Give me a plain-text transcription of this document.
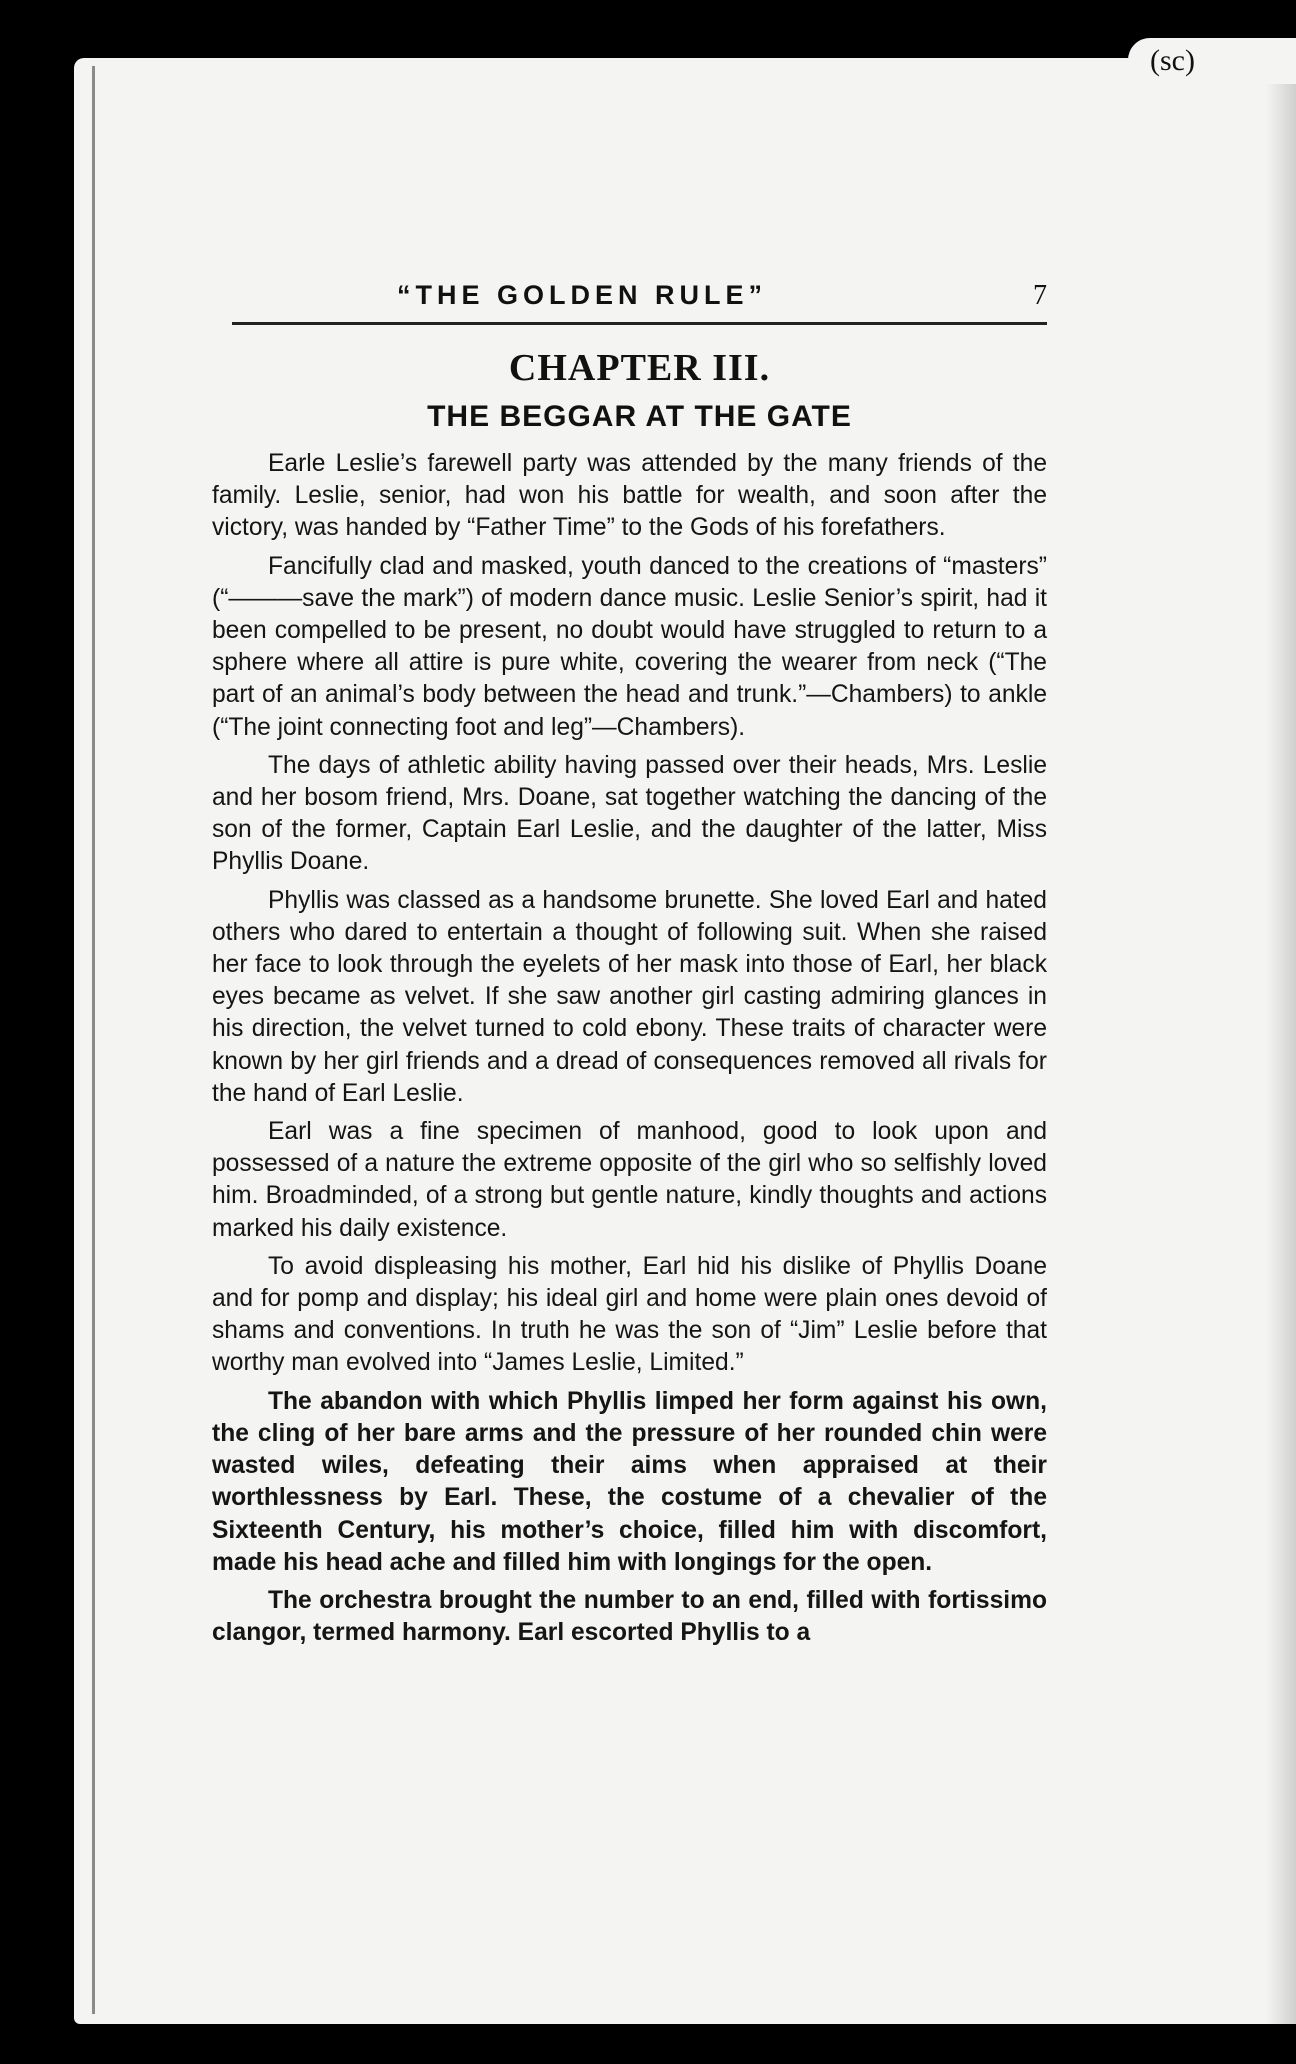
(sc)
“THE GOLDEN RULE”	7
CHAPTER III.
THE BEGGAR AT THE GATE

Earle Leslie’s farewell party was attended by the many friends of the family. Leslie, senior, had won his battle for wealth, and soon after the victory, was handed by “Father Time” to the Gods of his forefathers.

Fancifully clad and masked, youth danced to the creations of “masters” (“———save the mark”) of modern dance music. Leslie Senior’s spirit, had it been compelled to be present, no doubt would have struggled to return to a sphere where all attire is pure white, covering the wearer from neck (“The part of an animal’s body between the head and trunk.”—Chambers) to ankle (“The joint connecting foot and leg”—Chambers).

The days of athletic ability having passed over their heads, Mrs. Leslie and her bosom friend, Mrs. Doane, sat together watching the dancing of the son of the former, Captain Earl Leslie, and the daughter of the latter, Miss Phyllis Doane.

Phyllis was classed as a handsome brunette. She loved Earl and hated others who dared to entertain a thought of following suit. When she raised her face to look through the eyelets of her mask into those of Earl, her black eyes became as velvet. If she saw another girl casting admiring glances in his direction, the velvet turned to cold ebony. These traits of character were known by her girl friends and a dread of consequences removed all rivals for the hand of Earl Leslie.

Earl was a fine specimen of manhood, good to look upon and possessed of a nature the extreme opposite of the girl who so selfishly loved him. Broadminded, of a strong but gentle nature, kindly thoughts and actions marked his daily existence.

To avoid displeasing his mother, Earl hid his dislike of Phyllis Doane and for pomp and display; his ideal girl and home were plain ones devoid of shams and conventions. In truth he was the son of “Jim” Leslie before that worthy man evolved into “James Leslie, Limited.”

The abandon with which Phyllis limped her form against his own, the cling of her bare arms and the pressure of her rounded chin were wasted wiles, defeating their aims when appraised at their worthlessness by Earl. These, the costume of a chevalier of the Sixteenth Century, his mother’s choice, filled him with discomfort, made his head ache and filled him with longings for the open.

The orchestra brought the number to an end, filled with fortissimo clangor, termed harmony. Earl escorted Phyllis to a
